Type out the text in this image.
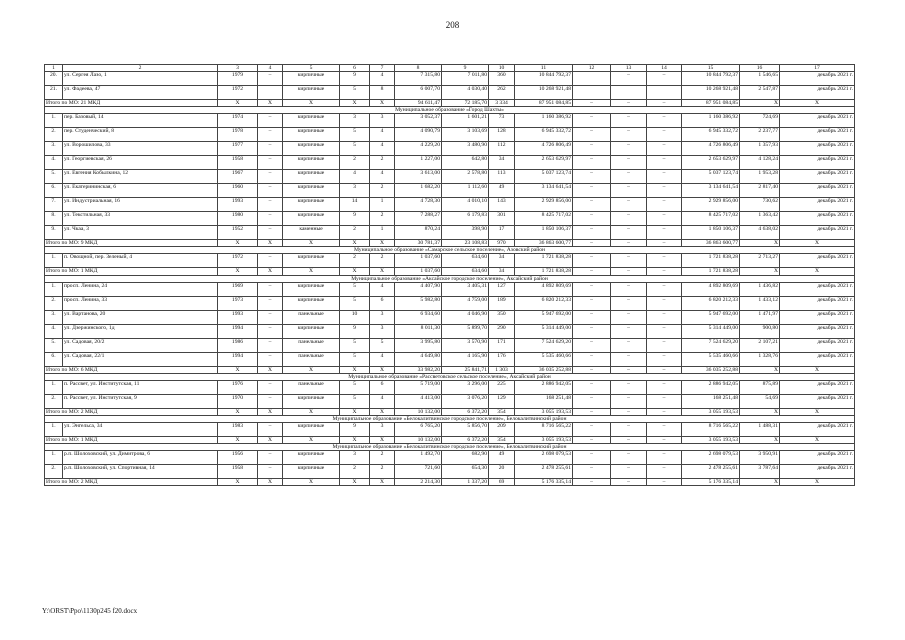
208
1	2	3	4	5	6	7	8	9	10	11	12	13	14	15	16	17
20.	ул. Сергея Лазо, 1	1979	–	кирпичные	9	4	7 315,80	7 011,80	360	10 844 792,37		–	–	10 844 792,37	1 546,65	декабрь 2021 г.
21.	ул. Фадеева, 47	1972		кирпичные	5	8	6 007,70	4 030,40	262	10 268 921,48				10 268 921,48	2 547,87	декабрь 2021 г.
Итого по МО: 21 МКД		X	X	X	X	X	94 611,47	72 185,70	3 334	87 951 084,85	–	–	–	87 951 084,85	X	X
Муниципальное образование «Город Шахты»																
1.	пер. Базовый, 14	1974	–	кирпичные	3	3	3 052,37	1 601,21	73	1 160 386,92	–	–	–	1 160 386,92	724,69	декабрь 2021 г.
2.	пер. Студенческий, 8	1978	–	кирпичные	5	4	4 090,79	3 103,69	128	6 945 332,72	–	–	–	6 945 332,72	2 237,77	декабрь 2021 г.
3.	ул. Ворошилова, 33	1977	–	кирпичные	5	4	4 229,20	3 480,90	112	4 726 806,49	–	–	–	4 726 806,49	1 357,93	декабрь 2021 г.
4.	ул. Георгиевская, 26	1958	–	кирпичные	2	2	1 227,00	642,80	34	2 653 629,97	–	–	–	2 653 629,97	4 128,24	декабрь 2021 г.
5.	ул. Евгения Кобылкина, 12	1967	–	кирпичные	4	4	3 613,00	2 578,80	113	5 037 123,74	–	–	–	5 037 123,74	1 953,28	декабрь 2021 г.
6.	ул. Екатерининская, 6	1960	–	кирпичные	3	2	1 682,20	1 112,60	49	3 134 641,54	–	–	–	3 134 641,54	2 817,40	декабрь 2021 г.
7.	ул. Индустриальная, 16	1993	–	кирпичные	14	1	4 728,30	4 010,10	143	2 929 856,00	–	–	–	2 929 856,00	730,62	декабрь 2021 г.
8.	ул. Текстильная, 33	1980	–	кирпичные	9	2	7 288,27	6 179,83	301	8 425 717,02	–	–	–	8 425 717,02	1 363,42	декабрь 2021 г.
9.	ул. Чкаа, 3	1952	–	каменные	2	1	870,24	398,90	17	1 850 106,37	–	–	–	1 850 106,37	4 638,02	декабрь 2021 г.
Итого по МО: 9 МКД		X	X	X	X	X	30 781,37	23 108,83	970	36 863 600,77	–	–	–	36 863 600,77	X	X
Муниципальное образование «Самарское сельское поселение», Азовский район																
1.	п. Овощной, пер. Зеленый, 4	1972	–	кирпичные	2	2	1 037,60	634,60	34	1 721 838,28	–	–	–	1 721 838,28	2 713,27	декабрь 2021 г.
Итого по МО: 1 МКД		X	X	X	X	X	1 037,60	634,60	34	1 721 838,28	–	–	–	1 721 838,28	X	X
Муниципальное образование «Аксайское городское поселение», Аксайский район																
1.	просп. Ленина, 24	1969	–	кирпичные	5	4	4 407,90	3 405,31	127	4 892 809,69	–	–	–	4 892 809,69	1 436,82	декабрь 2021 г.
2.	просп. Ленина, 33	1973	–	кирпичные	5	6	5 982,80	4 759,00	189	6 820 212,33	–	–	–	6 820 212,33	1 433,12	декабрь 2021 г.
3.	ул. Вартанова, 20	1993	–	панельные	10	3	6 934,60	4 046,90	350	5 947 692,00	–	–	–	5 947 692,00	1 471,97	декабрь 2021 г.
4.	ул. Дзержинского, 1д	1994	–	кирпичные	9	3	8 011,30	5 899,70	290	5 314 449,00	–	–	–	5 314 449,00	900,80	декабрь 2021 г.
5.	ул. Садовая, 20/2	1986	–	панельные	5	5	3 995,80	3 570,90	171	7 524 629,20	–	–	–	7 524 629,20	2 107,21	декабрь 2021 г.
6.	ул. Садовая, 22/1	1994	–	панельные	5	4	4 649,80	4 165,90	176	5 535 460,66	–	–	–	5 535 460,66	1 328,76	декабрь 2021 г.
Итого по МО: 6 МКД		X	X	X	X	X	33 982,20	25 841,71	1 303	36 035 252,88	–	–	–	36 035 252,88	X	X
Муниципальное образование «Рассветовское сельское поселение», Аксайский район																
1.	п. Рассвет, ул. Институтская, 11	1976	–	панельные	5	6	5 719,00	3 296,00	225	2 886 942,05	–	–	–	2 886 942,05	875,89	декабрь 2021 г.
2.	п. Рассвет, ул. Институтская, 9	1970	–	кирпичные	5	4	4 413,00	3 076,20	129	168 251,48	–	–	–	168 251,48	54,69	декабрь 2021 г.
Итого по МО: 2 МКД		X	X	X	X	X	10 132,00	6 372,20	354	3 055 193,53	–	–	–	3 055 193,53	X	X
Муниципальное образование «Белокалитвинское городское поселение», Белокалитвинский район																
1.	ул. Энгельса, 34	1983	–	кирпичные	9	3	6 765,20	5 856,70	209	8 716 565,22	–	–	–	8 716 565,22	1 488,31	декабрь 2021 г.
Итого по МО: 1 МКД		X	X	X	X	X	10 132,00	6 372,20	354	3 055 193,53	–	–	–	3 055 193,53	X	X
Муниципальное образование «Белокалитвинское городское поселение», Белокалитвинский район																
1.	р.п. Шолоховский, ул. Димитрова, 6	1956	–	кирпичные	3	2	1 492,70	682,90	49	2 698 079,53	–	–	–	2 698 079,53	3 950,91	декабрь 2021 г.
2.	р.п. Шолоховский, ул. Спортивная, 14	1958	–	кирпичные	2	2	721,60	654,30	20	2 478 255,61	–	–	–	2 478 255,61	3 787,64	декабрь 2021 г.
Итого по МО: 2 МКД		X	X	X	X	X	2 214,30	1 337,20	69	5 176 335,14	–	–	–	5 176 335,14	X	X
Y:\ORST\Ppo\1130p245 f20.docx
